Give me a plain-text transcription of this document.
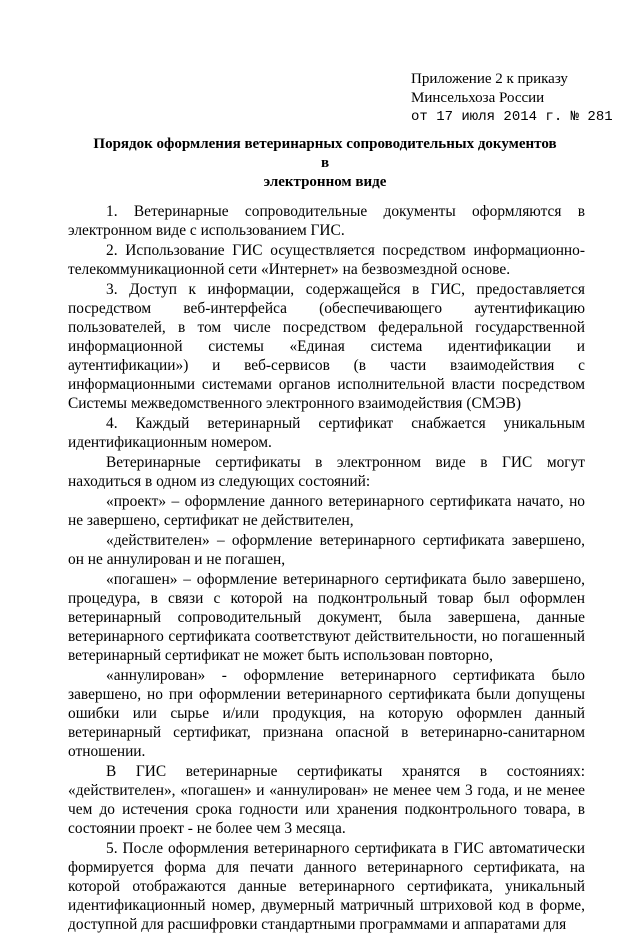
Приложение 2 к приказу
Минсельхоза России
от 17 июля 2014 г. № 281
Порядок оформления ветеринарных сопроводительных документов в
электронном виде

1. Ветеринарные сопроводительные документы оформляются в электронном виде с использованием ГИС.

2. Использование ГИС осуществляется посредством информационно-телекоммуникационной сети «Интернет» на безвозмездной основе.

3. Доступ к информации, содержащейся в ГИС, предоставляется посредством веб-интерфейса (обеспечивающего аутентификацию пользователей, в том числе посредством федеральной государственной информационной системы «Единая система идентификации и аутентификации») и веб-сервисов (в части взаимодействия с информационными системами органов исполнительной власти посредством Системы межведомственного электронного взаимодействия (СМЭВ)

4. Каждый ветеринарный сертификат снабжается уникальным идентификационным номером.

Ветеринарные сертификаты в электронном виде в ГИС могут находиться в одном из следующих состояний:

«проект» – оформление данного ветеринарного сертификата начато, но не завершено, сертификат не действителен,

«действителен» – оформление ветеринарного сертификата завершено, он не аннулирован и не погашен,

«погашен» – оформление ветеринарного сертификата было завершено, процедура, в связи с которой на подконтрольный товар был оформлен ветеринарный сопроводительный документ, была завершена, данные ветеринарного сертификата соответствуют действительности, но погашенный ветеринарный сертификат не может быть использован повторно,

«аннулирован» - оформление ветеринарного сертификата было завершено, но при оформлении ветеринарного сертификата были допущены ошибки или сырье и/или продукция, на которую оформлен данный ветеринарный сертификат, признана опасной в ветеринарно-санитарном отношении.

В ГИС ветеринарные сертификаты хранятся в состояниях: «действителен», «погашен» и «аннулирован» не менее чем 3 года, и не менее чем до истечения срока годности или хранения подконтрольного товара, в состоянии проект - не более чем 3 месяца.

5. После оформления ветеринарного сертификата в ГИС автоматически формируется форма для печати данного ветеринарного сертификата, на которой отображаются данные ветеринарного сертификата, уникальный идентификационный номер, двумерный матричный штриховой код в форме, доступной для расшифровки стандартными программами и аппаратами для
